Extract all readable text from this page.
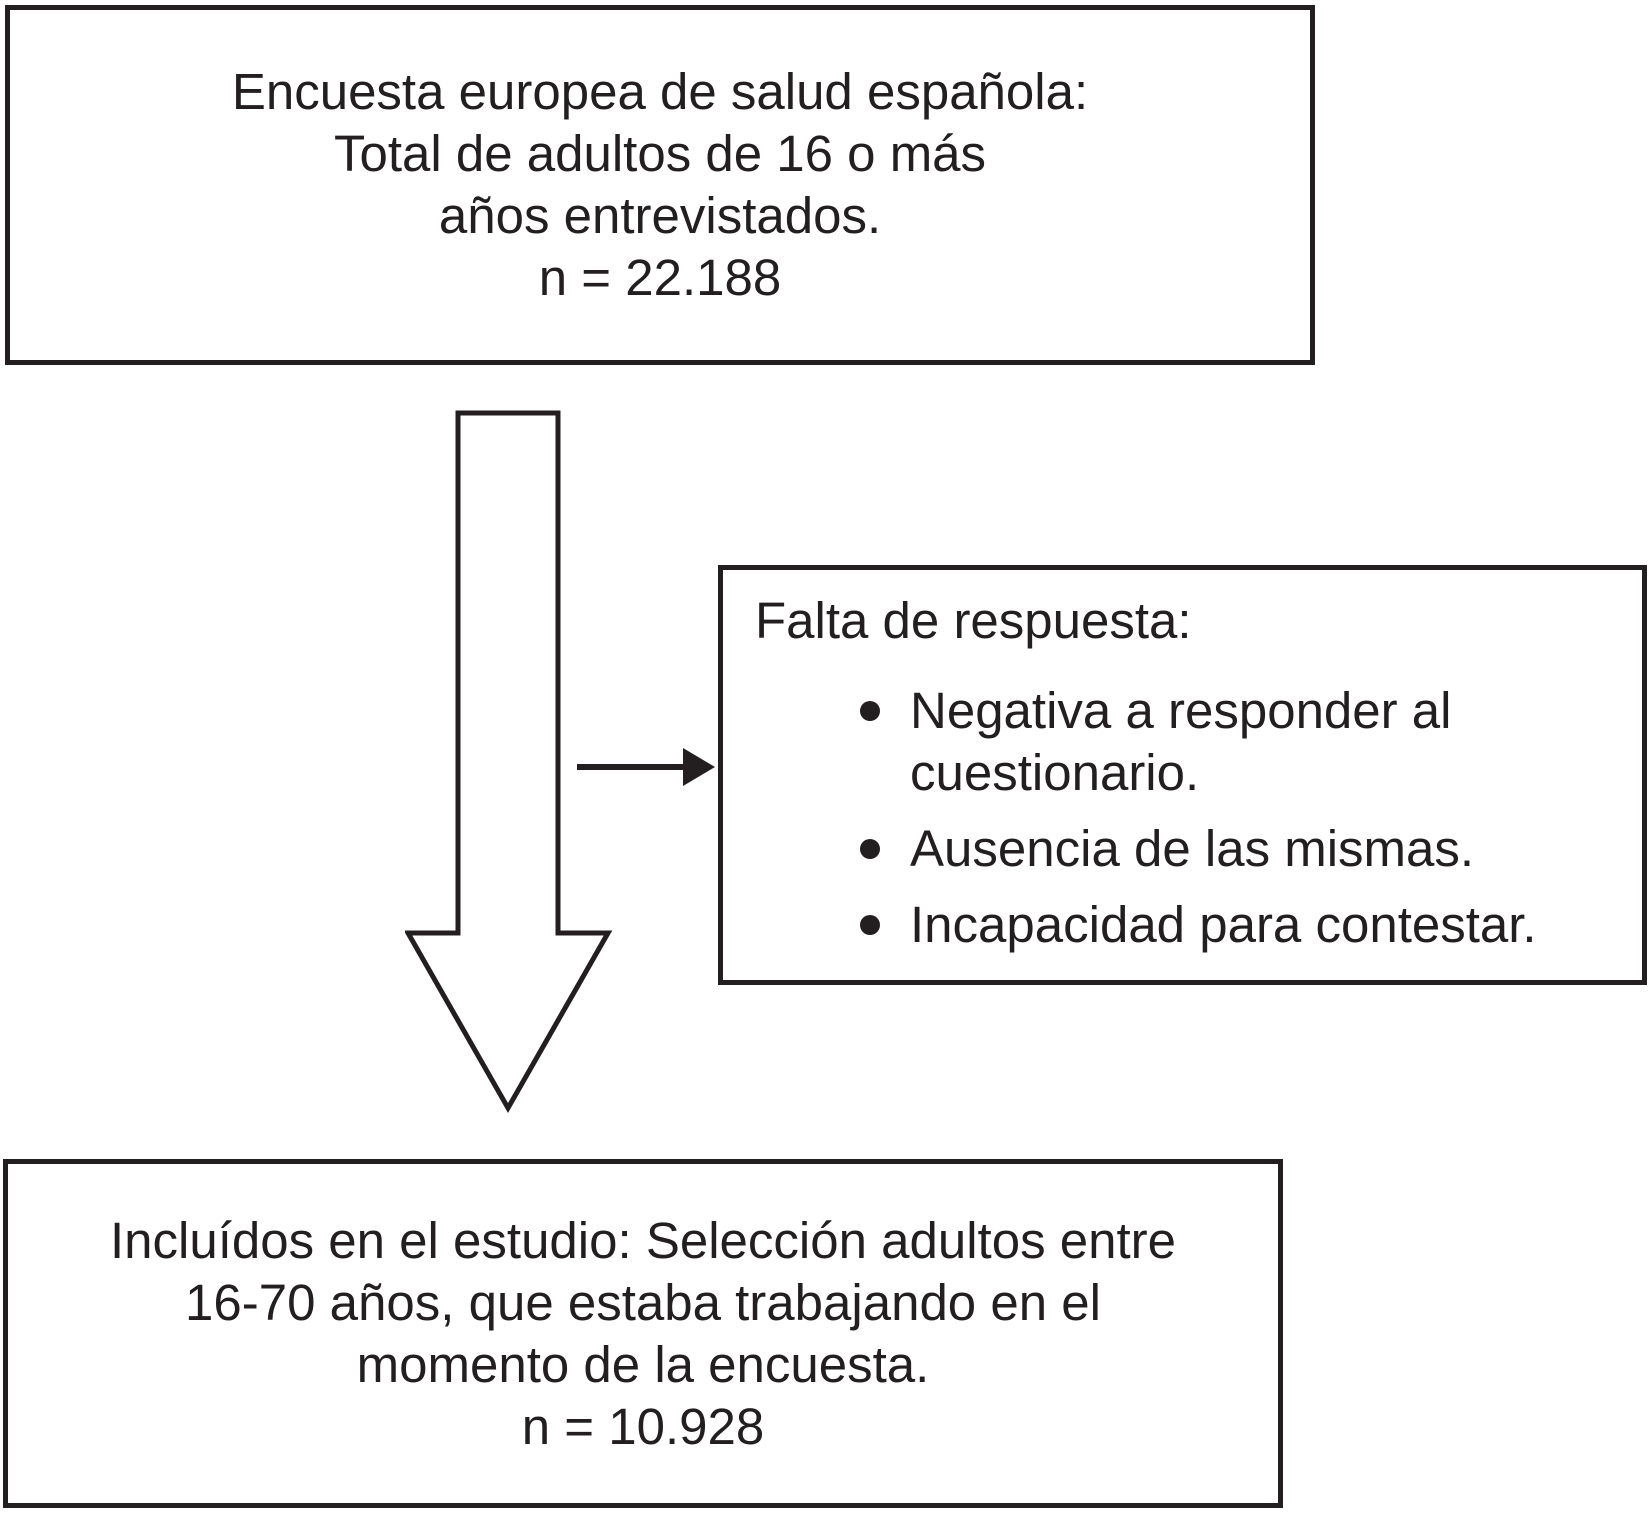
Encuesta europea de salud española:
Total de adultos de 16 o más
años entrevistados.
n = 22.188
Falta de respuesta:
Negativa a responder al cuestionario.
Ausencia de las mismas.
Incapacidad para contestar.
Incluídos en el estudio: Selección adultos entre
16-70 años, que estaba trabajando en el
momento de la encuesta.
n = 10.928
